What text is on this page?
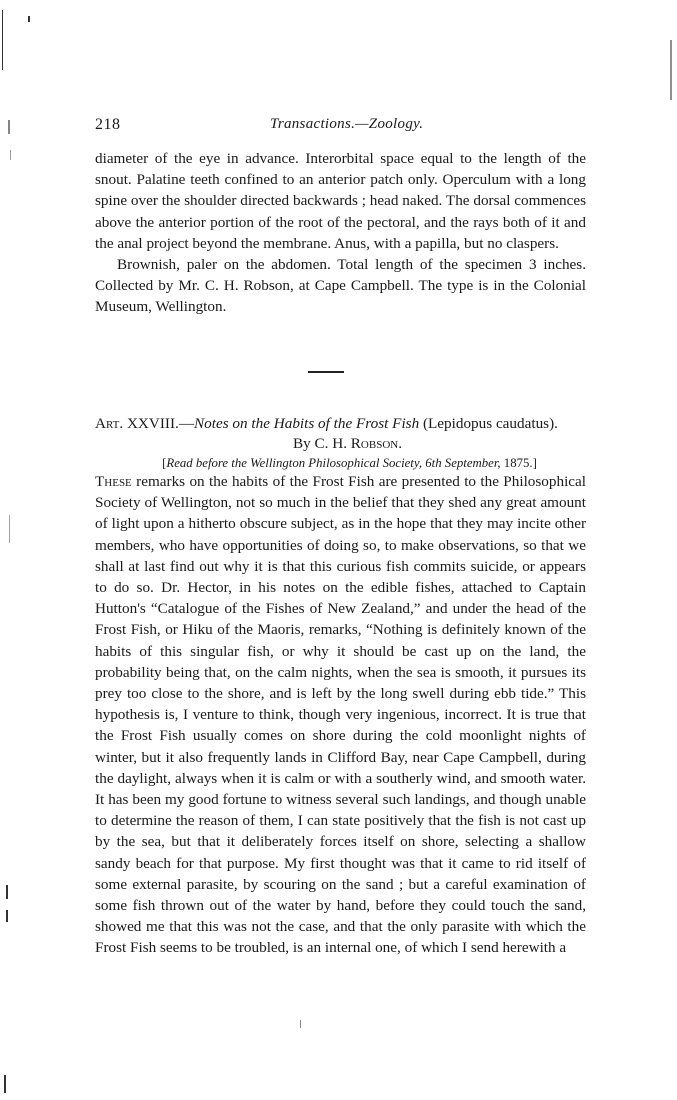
218	Transactions.—Zoology.

diameter of the eye in advance. Interorbital space equal to the length of the snout. Palatine teeth confined to an anterior patch only. Operculum with a long spine over the shoulder directed backwards ; head naked. The dorsal commences above the anterior portion of the root of the pectoral, and the rays both of it and the anal project beyond the membrane. Anus, with a papilla, but no claspers.

Brownish, paler on the abdomen. Total length of the specimen 3 inches. Collected by Mr. C. H. Robson, at Cape Campbell. The type is in the Colonial Museum, Wellington.

Art. XXVIII.—Notes on the Habits of the Frost Fish (Lepidopus caudatus).
By C. H. Robson.
[Read before the Wellington Philosophical Society, 6th September, 1875.]

These remarks on the habits of the Frost Fish are presented to the Philosophical Society of Wellington, not so much in the belief that they shed any great amount of light upon a hitherto obscure subject, as in the hope that they may incite other members, who have opportunities of doing so, to make observations, so that we shall at last find out why it is that this curious fish commits suicide, or appears to do so. Dr. Hector, in his notes on the edible fishes, attached to Captain Hutton's “Catalogue of the Fishes of New Zealand,” and under the head of the Frost Fish, or Hiku of the Maoris, remarks, “Nothing is definitely known of the habits of this singular fish, or why it should be cast up on the land, the probability being that, on the calm nights, when the sea is smooth, it pursues its prey too close to the shore, and is left by the long swell during ebb tide.” This hypothesis is, I venture to think, though very ingenious, incorrect. It is true that the Frost Fish usually comes on shore during the cold moonlight nights of winter, but it also frequently lands in Clifford Bay, near Cape Campbell, during the daylight, always when it is calm or with a southerly wind, and smooth water. It has been my good fortune to witness several such landings, and though unable to determine the reason of them, I can state positively that the fish is not cast up by the sea, but that it deliberately forces itself on shore, selecting a shallow sandy beach for that purpose. My first thought was that it came to rid itself of some external parasite, by scouring on the sand ; but a careful examination of some fish thrown out of the water by hand, before they could touch the sand, showed me that this was not the case, and that the only parasite with which the Frost Fish seems to be troubled, is an internal one, of which I send herewith a
